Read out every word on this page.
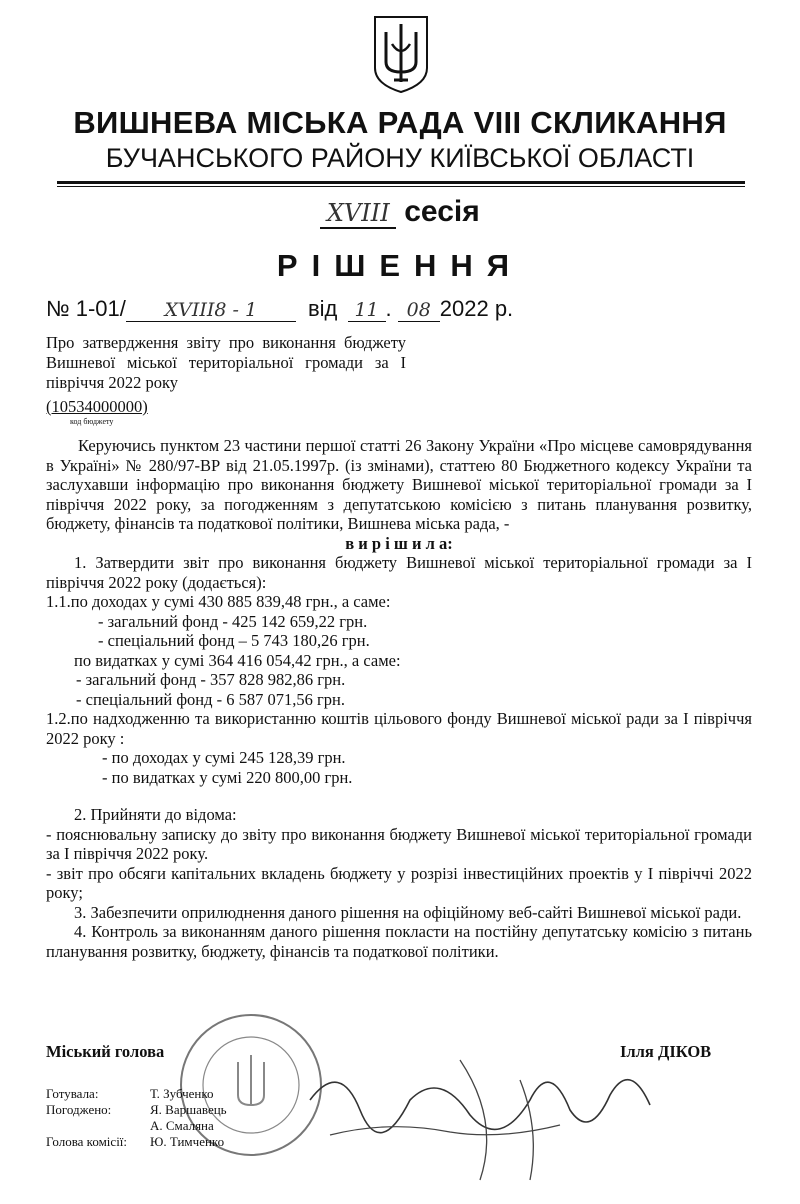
ВИШНЕВА МІСЬКА РАДА VIII СКЛИКАННЯ
БУЧАНСЬКОГО РАЙОНУ КИЇВСЬКОЇ ОБЛАСТІ
XVIII сесія
РІШЕННЯ
№ 1-01/ XVIII8 - 1 від 11 . 08 2022 р.
Про затвердження звіту про виконання бюджету Вишневої міської територіальної громади за І півріччя 2022 року
(10534000000)
код бюджету

Керуючись пунктом 23 частини першої статті 26 Закону України «Про місцеве самоврядування в Україні» № 280/97-ВР від 21.05.1997р. (із змінами), статтею 80 Бюджетного кодексу України та заслухавши інформацію про виконання бюджету Вишневої міської територіальної громади за І півріччя 2022 року, за погодженням з депутатською комісією з питань планування розвитку, бюджету, фінансів та податкової політики, Вишнева міська рада, -

в и р і ш и л а:

1. Затвердити звіт про виконання бюджету Вишневої міської територіальної громади за І півріччя 2022 року (додається):

1.1.по доходах у сумі 430 885 839,48 грн., а саме:

- загальний фонд - 425 142 659,22 грн.

- спеціальний фонд – 5 743 180,26 грн.

по видатках у сумі 364 416 054,42 грн., а саме:

- загальний фонд - 357 828 982,86 грн.

- спеціальний фонд - 6 587 071,56 грн.

1.2.по надходженню та використанню коштів цільового фонду Вишневої міської ради за І півріччя 2022 року :

- по доходах у сумі 245 128,39 грн.

- по видатках у сумі 220 800,00 грн.

2. Прийняти до відома:

- пояснювальну записку до звіту про виконання бюджету Вишневої міської територіальної громади за І півріччя 2022 року.

- звіт про обсяги капітальних вкладень бюджету у розрізі інвестиційних проектів у І півріччі 2022 року;

3. Забезпечити оприлюднення даного рішення на офіційному веб-сайті Вишневої міської ради.

4. Контроль за виконанням даного рішення покласти на постійну депутатську комісію з питань планування розвитку, бюджету, фінансів та податкової політики.

Міський голова	Ілля ДІКОВ
Готувала:	Т. Зубченко
Погоджено:	Я. Варшавець
А. Смаляна
Голова комісії: Ю. Тимченко
